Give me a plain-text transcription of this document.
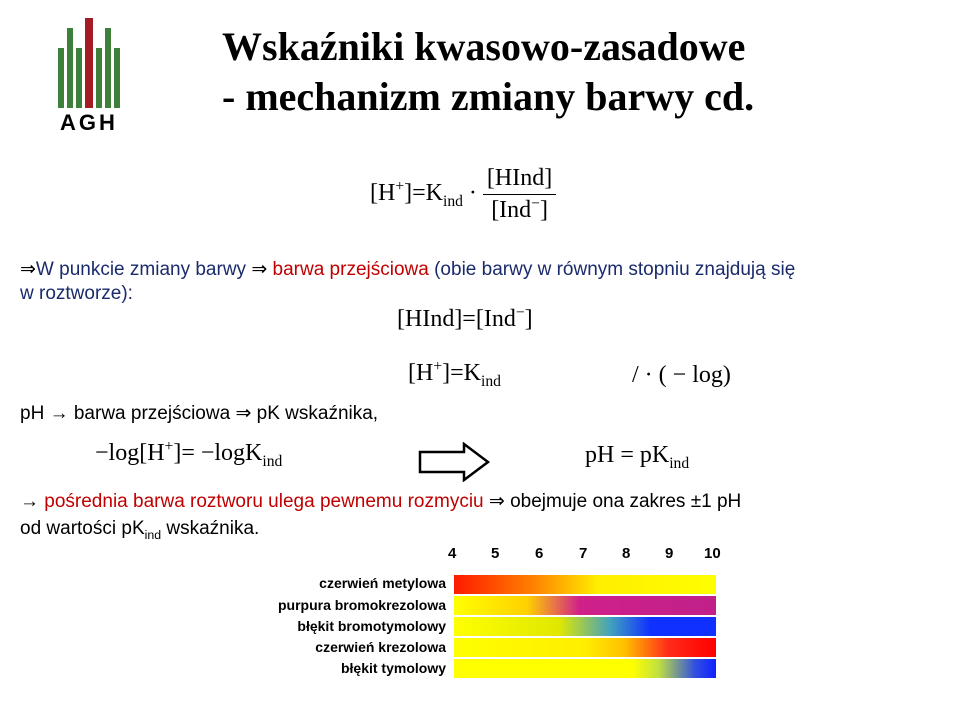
AGH
Wskaźniki kwasowo-zasadowe
- mechanizm zmiany barwy cd.
$[H^+]=K_{ind} \cdot \frac{\text{[HInd]}}{[Ind^-]}$
⇒W punkcie zmiany barwy ⇒ barwa przejściowa (obie barwy w równym stopniu znajdują się
w roztworze):
[HInd]=[Ind−]
$[H^+]=K_{ind}$	/ · ( − log)
pH → barwa przejściowa ⇒ pK wskaźnika,
−log[H+]= −logK$_{ind}$	pH = $pK_{ind}$
→ pośrednia barwa roztworu ulega pewnemu rozmyciu ⇒ obejmuje ona zakres ±1 pH
od wartości $pK_{ind}$ wskaźnika.
4 5 6 7 8 9 10
czerwień metylowa
purpura bromokrezolowa
błękit bromotymolowy
czerwień krezolowa
błękit tymolowy
